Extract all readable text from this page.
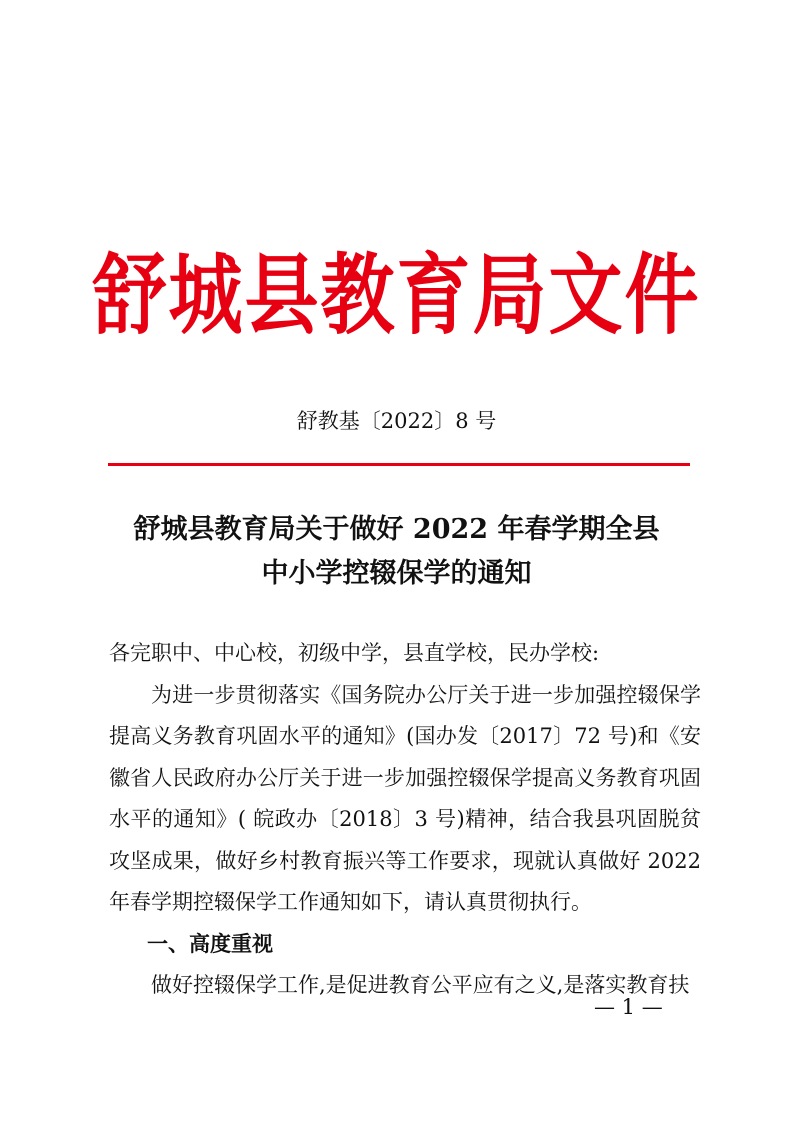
舒城县教育局文件
舒教基〔2022〕8 号
舒城县教育局关于做好 2022 年春学期全县
中小学控辍保学的通知

各完职中、中心校，初级中学，县直学校，民办学校:

为进一步贯彻落实《国务院办公厅关于进一步加强控辍保学提高义务教育巩固水平的通知》(国办发〔2017〕72 号)和《安徽省人民政府办公厅关于进一步加强控辍保学提高义务教育巩固水平的通知》( 皖政办〔2018〕3 号)精神，结合我县巩固脱贫攻坚成果，做好乡村教育振兴等工作要求，现就认真做好 2022 年春学期控辍保学工作通知如下，请认真贯彻执行。

一、高度重视

做好控辍保学工作,是促进教育公平应有之义,是落实教育扶

— 1 —
